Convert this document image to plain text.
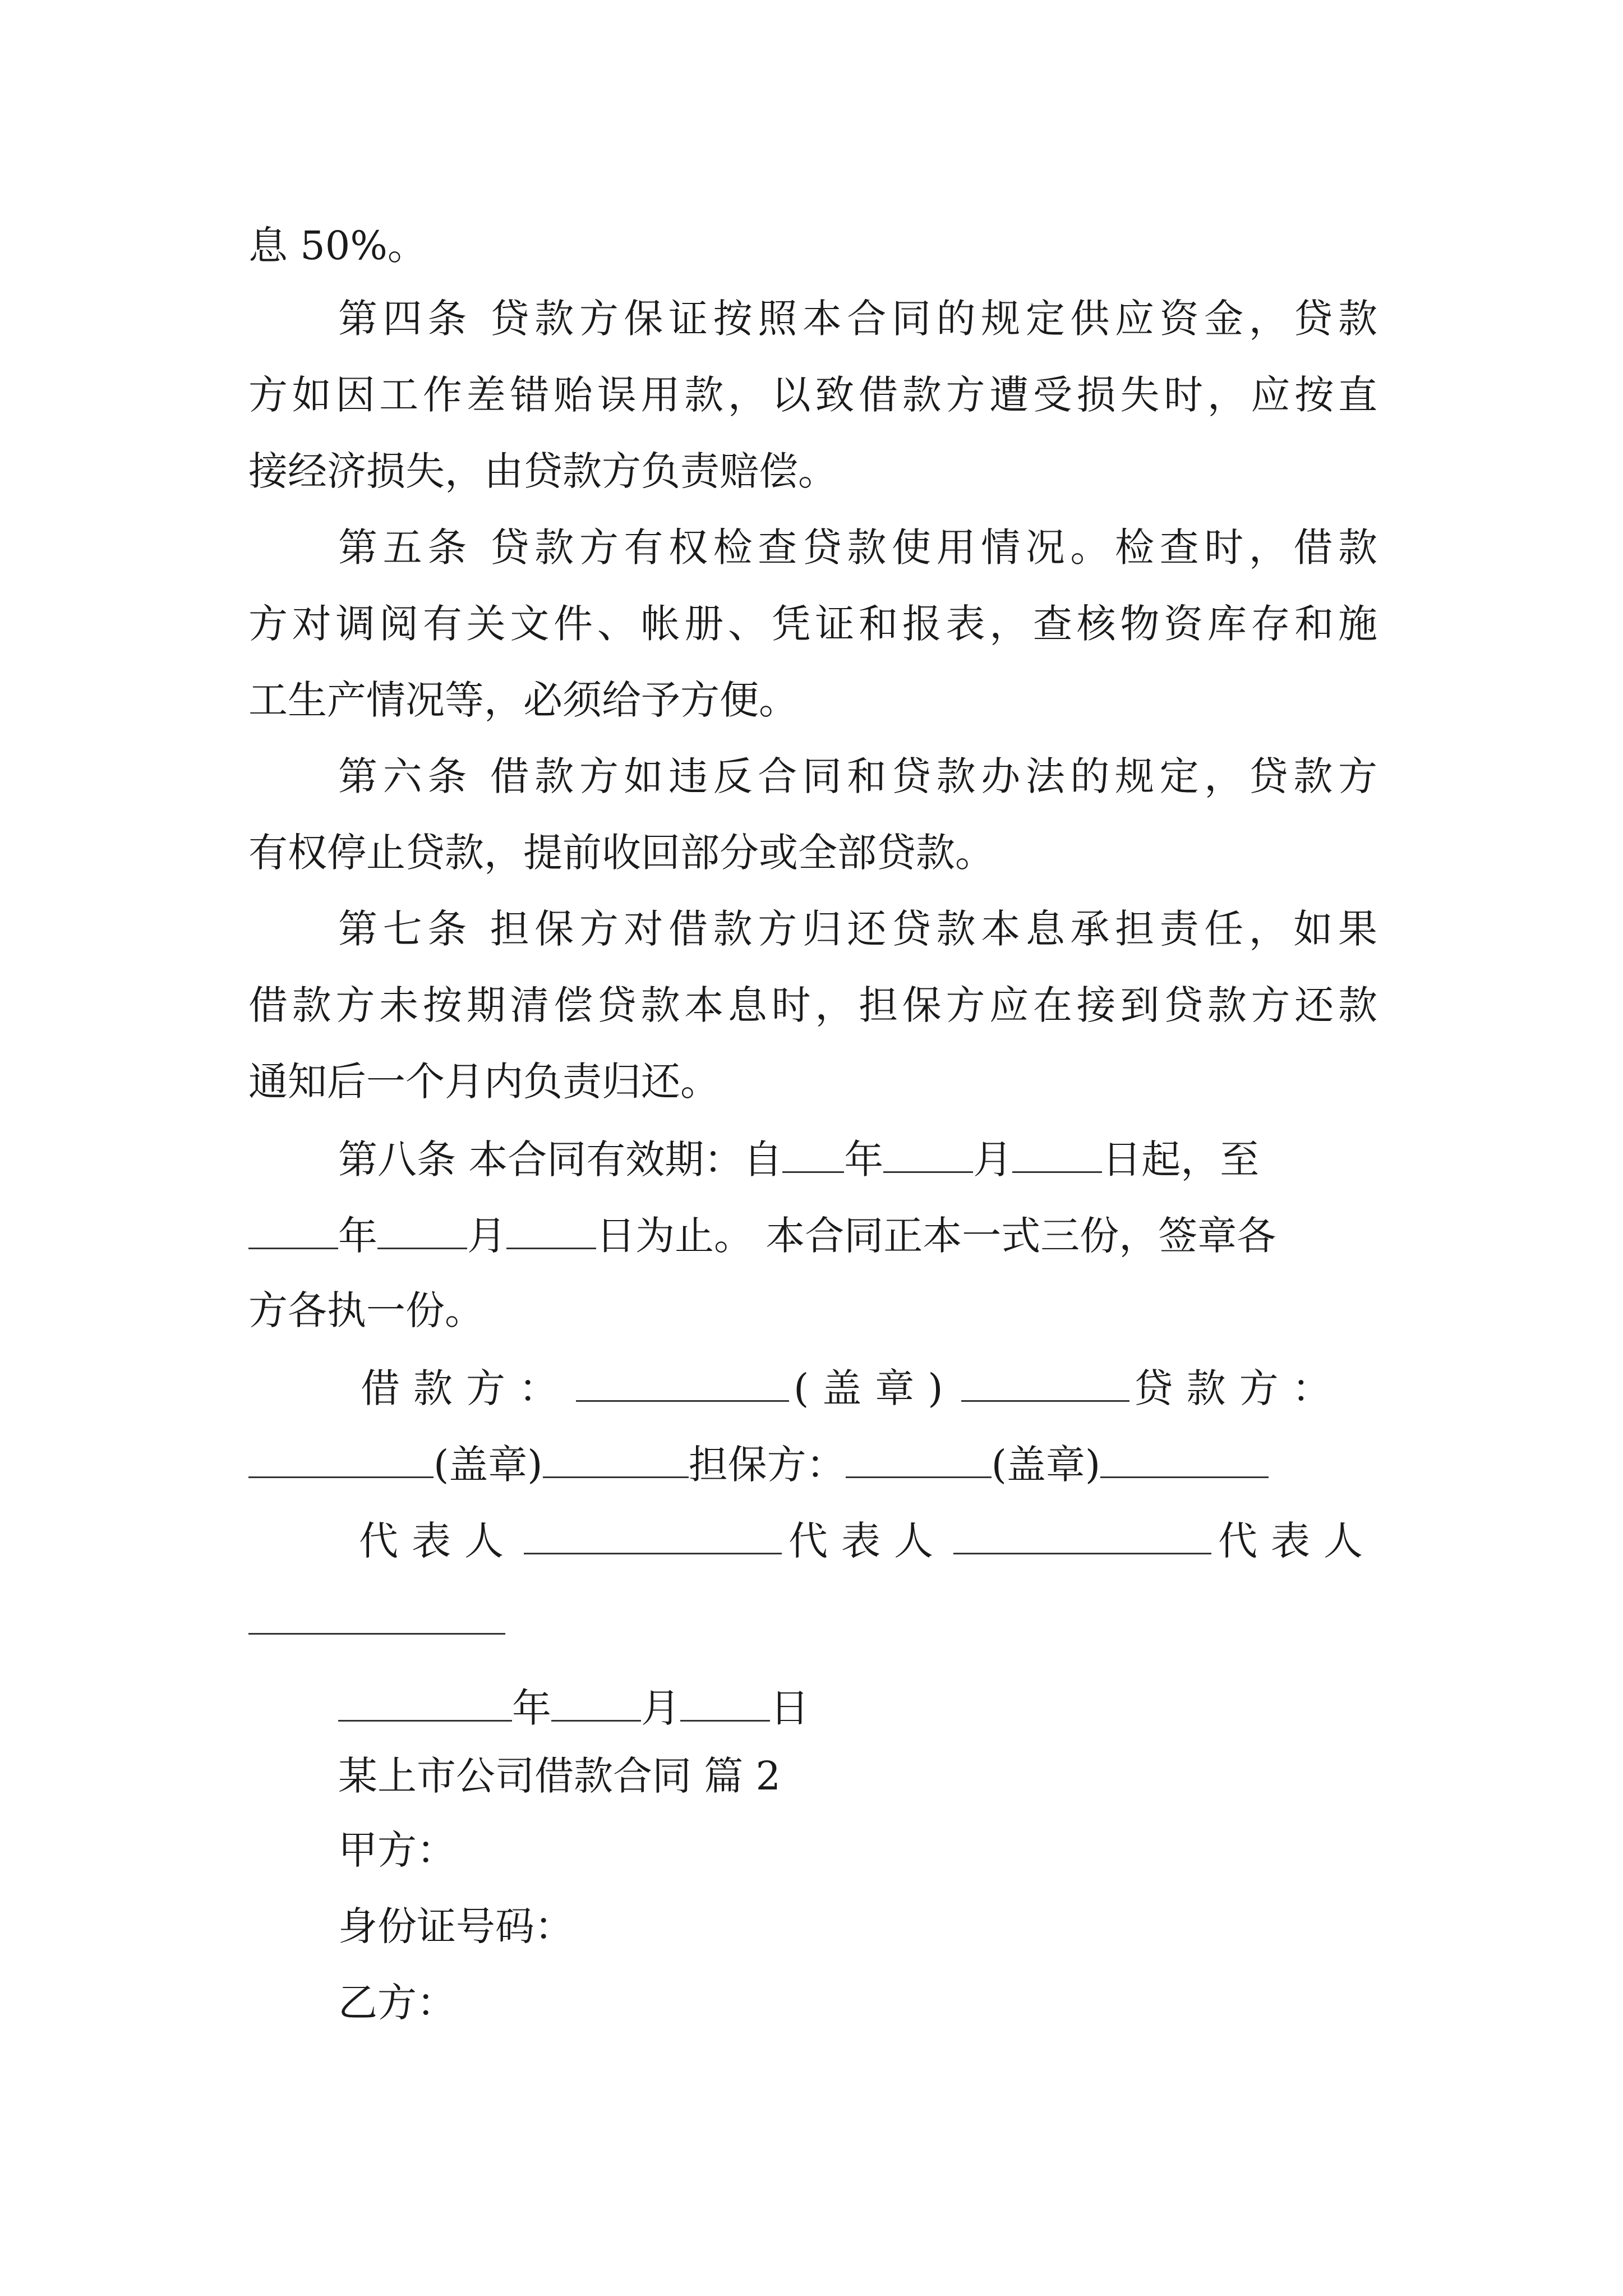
息 50%。
第四条 贷款方保证按照本合同的规定供应资金，贷款
方如因工作差错贻误用款，以致借款方遭受损失时，应按直
接经济损失，由贷款方负责赔偿。
第五条 贷款方有权检查贷款使用情况。检查时，借款
方对调阅有关文件、帐册、凭证和报表，查核物资库存和施
工生产情况等，必须给予方便。
第六条 借款方如违反合同和贷款办法的规定，贷款方
有权停止贷款，提前收回部分或全部贷款。
第七条 担保方对借款方归还贷款本息承担责任，如果
借款方未按期清偿贷款本息时，担保方应在接到贷款方还款
通知后一个月内负责归还。
第八条 本合同有效期：自 年 月 日起，至
年 月 日为止。 本合同正本一式三份，签章各
方各执一份。
借款方：	(盖章)	贷款方：
(盖章)	担保方：	(盖章)
代表人	代表人	代表人
年 月 日
某上市公司借款合同 篇 2
甲方：
身份证号码：
乙方：
